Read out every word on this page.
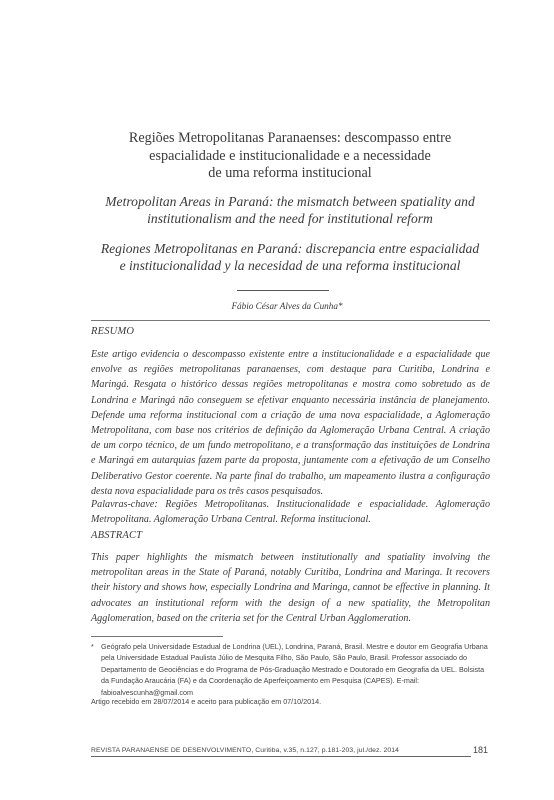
Regiões Metropolitanas Paranaenses: descompasso entre
espacialidade e institucionalidade e a necessidade
de uma reforma institucional

Metropolitan Areas in Paraná: the mismatch between spatiality and
institutionalism and the need for institutional reform

Regiones Metropolitanas en Paraná: discrepancia entre espacialidad
e institucionalidad y la necesidad de una reforma institucional

Fábio César Alves da Cunha*
RESUMO
Este artigo evidencia o descompasso existente entre a institucionalidade e a espacialidade que envolve as regiões metropolitanas paranaenses, com destaque para Curitiba, Londrina e Maringá. Resgata o histórico dessas regiões metropolitanas e mostra como sobretudo as de Londrina e Maringá não conseguem se efetivar enquanto necessária instância de planejamento. Defende uma reforma institucional com a criação de uma nova espacialidade, a Aglomeração Metropolitana, com base nos critérios de definição da Aglomeração Urbana Central. A criação de um corpo técnico, de um fundo metropolitano, e a transformação das instituições de Londrina e Maringá em autarquias fazem parte da proposta, juntamente com a efetivação de um Conselho Deliberativo Gestor coerente. Na parte final do trabalho, um mapeamento ilustra a configuração desta nova espacialidade para os três casos pesquisados.
Palavras-chave: Regiões Metropolitanas. Institucionalidade e espacialidade. Aglomeração Metropolitana. Aglomeração Urbana Central. Reforma institucional.
ABSTRACT
This paper highlights the mismatch between institutionally and spatiality involving the metropolitan areas in the State of Paraná, notably Curitiba, Londrina and Maringa. It recovers their history and shows how, especially Londrina and Maringa, cannot be effective in planning. It advocates an institutional reform with the design of a new spatiality, the Metropolitan Agglomeration, based on the criteria set for the Central Urban Agglomeration.
* Geógrafo pela Universidade Estadual de Londrina (UEL), Londrina, Paraná, Brasil. Mestre e doutor em Geografia Urbana pela Universidade Estadual Paulista Júlio de Mesquita Filho, São Paulo, São Paulo, Brasil. Professor associado do Departamento de Geociências e do Programa de Pós-Graduação Mestrado e Doutorado em Geografia da UEL. Bolsista da Fundação Araucária (FA) e da Coordenação de Aperfeiçoamento em Pesquisa (CAPES). E-mail: fabioalvescunha@gmail.com
Artigo recebido em 28/07/2014 e aceito para publicação em 07/10/2014.
REVISTA PARANAENSE DE DESENVOLVIMENTO, Curitiba, v.35, n.127, p.181-203, jul./dez. 2014	181
